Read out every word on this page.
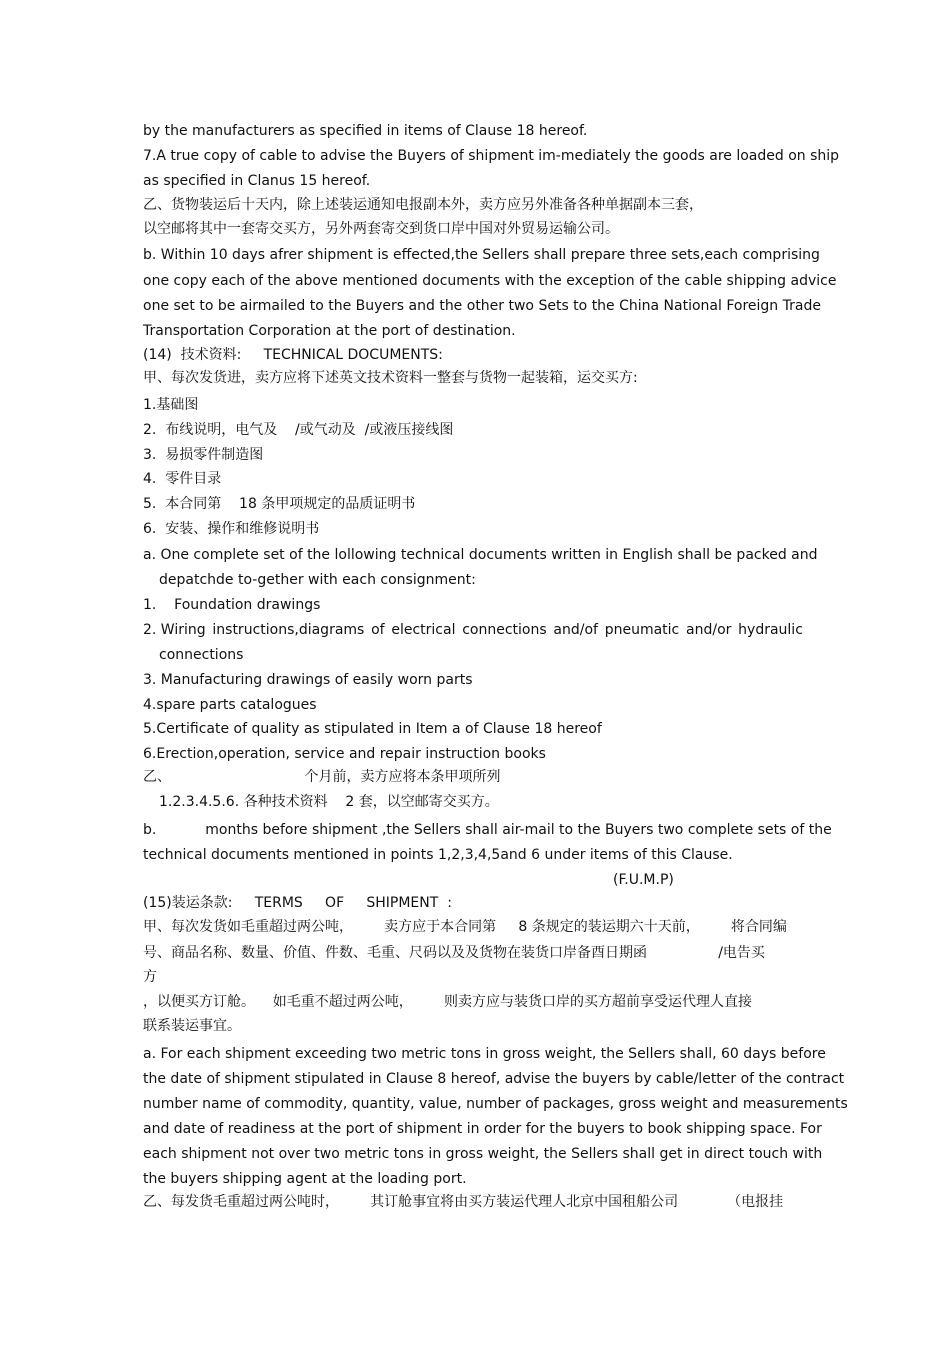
by the manufacturers as specified in items of Clause 18 hereof.

7.A true copy of cable to advise the Buyers of shipment im-mediately the goods are loaded on ship

as specified in Clanus 15 hereof.

乙、货物装运后十天内，除上述装运通知电报副本外，卖方应另外准备各种单据副本三套，

以空邮将其中一套寄交买方，另外两套寄交到货口岸中国对外贸易运输公司。

b. Within 10 days afrer shipment is effected,the Sellers shall prepare three sets,each comprising

one copy each of the above mentioned documents with the exception of the cable shipping advice

one set to be airmailed to the Buyers and the other two Sets to the China National Foreign Trade

Transportation Corporation at the port of destination.

(14)  技术资料:     TECHNICAL DOCUMENTS:

甲、每次发货进，卖方应将下述英文技术资料一整套与货物一起装箱，运交买方:

1.基础图

2.  布线说明，电气及    /或气动及  /或液压接线图

3.  易损零件制造图

4.  零件目录

5.  本合同第    18 条甲项规定的品质证明书

6.  安装、操作和维修说明书

a. One complete set of the lollowing technical documents written in English shall be packed and

depatchde to-gether with each consignment:

1.    Foundation drawings

2. Wiring instructions,diagrams of electrical connections and/of pneumatic and/or hydraulic

connections

3. Manufacturing drawings of easily worn parts

4.spare parts catalogues

5.Certificate of quality as stipulated in Item a of Clause 18 hereof

6.Erection,operation, service and repair instruction books

乙、                              个月前，卖方应将本条甲项所列

1.2.3.4.5.6. 各种技术资料    2 套，以空邮寄交买方。

b.           months before shipment ,the Sellers shall air-mail to the Buyers two complete sets of the

technical documents mentioned in points 1,2,3,4,5and 6 under items of this Clause.

(F.U.M.P)

(15)装运条款:     TERMS     OF     SHIPMENT  :

甲、每次发货如毛重超过两公吨，       卖方应于本合同第     8 条规定的装运期六十天前，       将合同编

号、商品名称、数量、价值、件数、毛重、尺码以及及货物在装货口岸备酉日期函                /电告买

方

，以便买方订舱。    如毛重不超过两公吨，       则卖方应与装货口岸的买方超前享受运代理人直接

联系装运事宜。

a. For each shipment exceeding two metric tons in gross weight, the Sellers shall, 60 days before

the date of shipment stipulated in Clause 8 hereof, advise the buyers by cable/letter of the contract

number name of commodity, quantity, value, number of packages, gross weight and measurements

and date of readiness at the port of shipment in order for the buyers to book shipping space. For

each shipment not over two metric tons in gross weight, the Sellers shall get in direct touch with

the buyers shipping agent at the loading port.

乙、每发货毛重超过两公吨时，       其订舱事宜将由买方装运代理人北京中国租船公司           （电报挂
